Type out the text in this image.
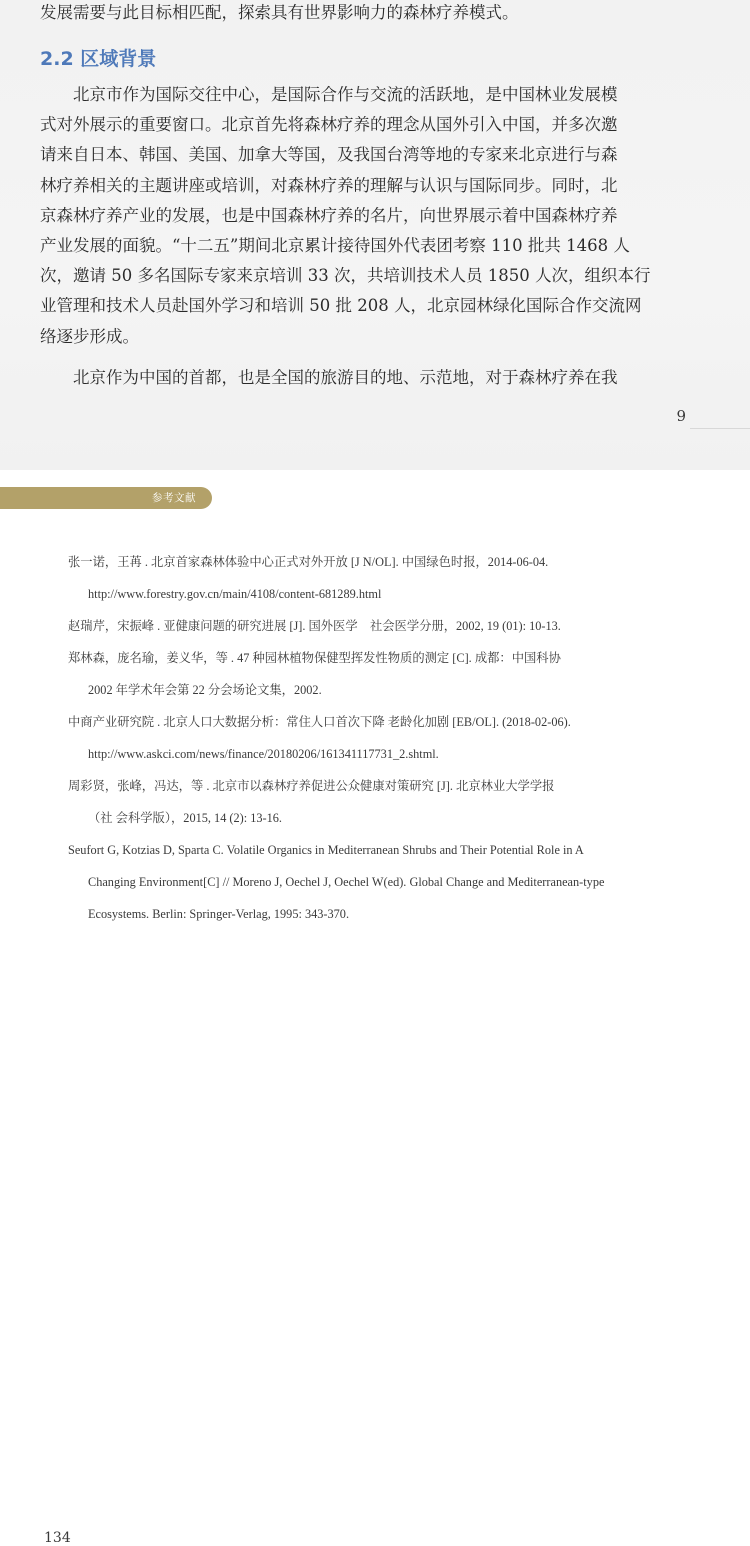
发展需要与此目标相匹配，探索具有世界影响力的森林疗养模式。
2.2 区域背景
北京市作为国际交往中心，是国际合作与交流的活跃地，是中国林业发展模
式对外展示的重要窗口。北京首先将森林疗养的理念从国外引入中国，并多次邀
请来自日本、韩国、美国、加拿大等国，及我国台湾等地的专家来北京进行与森
林疗养相关的主题讲座或培训，对森林疗养的理解与认识与国际同步。同时，北
京森林疗养产业的发展，也是中国森林疗养的名片，向世界展示着中国森林疗养
产业发展的面貌。“十二五”期间北京累计接待国外代表团考察 110 批共 1468 人
次，邀请 50 多名国际专家来京培训 33 次，共培训技术人员 1850 人次，组织本行
业管理和技术人员赴国外学习和培训 50 批 208 人，北京园林绿化国际合作交流网
络逐步形成。
北京作为中国的首都，也是全国的旅游目的地、示范地，对于森林疗养在我
9
参考文献
张一诺，王苒 . 北京首家森林体验中心正式对外开放 [J N/OL]. 中国绿色时报，2014-06-04.
http://www.forestry.gov.cn/main/4108/content-681289.html
赵瑞芹，宋振峰 . 亚健康问题的研究进展 [J]. 国外医学　社会医学分册，2002, 19 (01): 10-13.
郑林森，庞名瑜，姜义华，等 . 47 种园林植物保健型挥发性物质的测定 [C]. 成都：中国科协
2002 年学术年会第 22 分会场论文集，2002.
中商产业研究院 . 北京人口大数据分析：常住人口首次下降 老龄化加剧 [EB/OL]. (2018-02-06).
http://www.askci.com/news/finance/20180206/161341117731_2.shtml.
周彩贤，张峰，冯达，等 . 北京市以森林疗养促进公众健康对策研究 [J]. 北京林业大学学报
（社 会科学版），2015, 14 (2): 13-16.
Seufort G, Kotzias D, Sparta C. Volatile Organics in Mediterranean Shrubs and Their Potential Role in A
Changing Environment[C] // Moreno J, Oechel J, Oechel W(ed). Global Change and Mediterranean-type
Ecosystems. Berlin: Springer-Verlag, 1995: 343-370.
134
